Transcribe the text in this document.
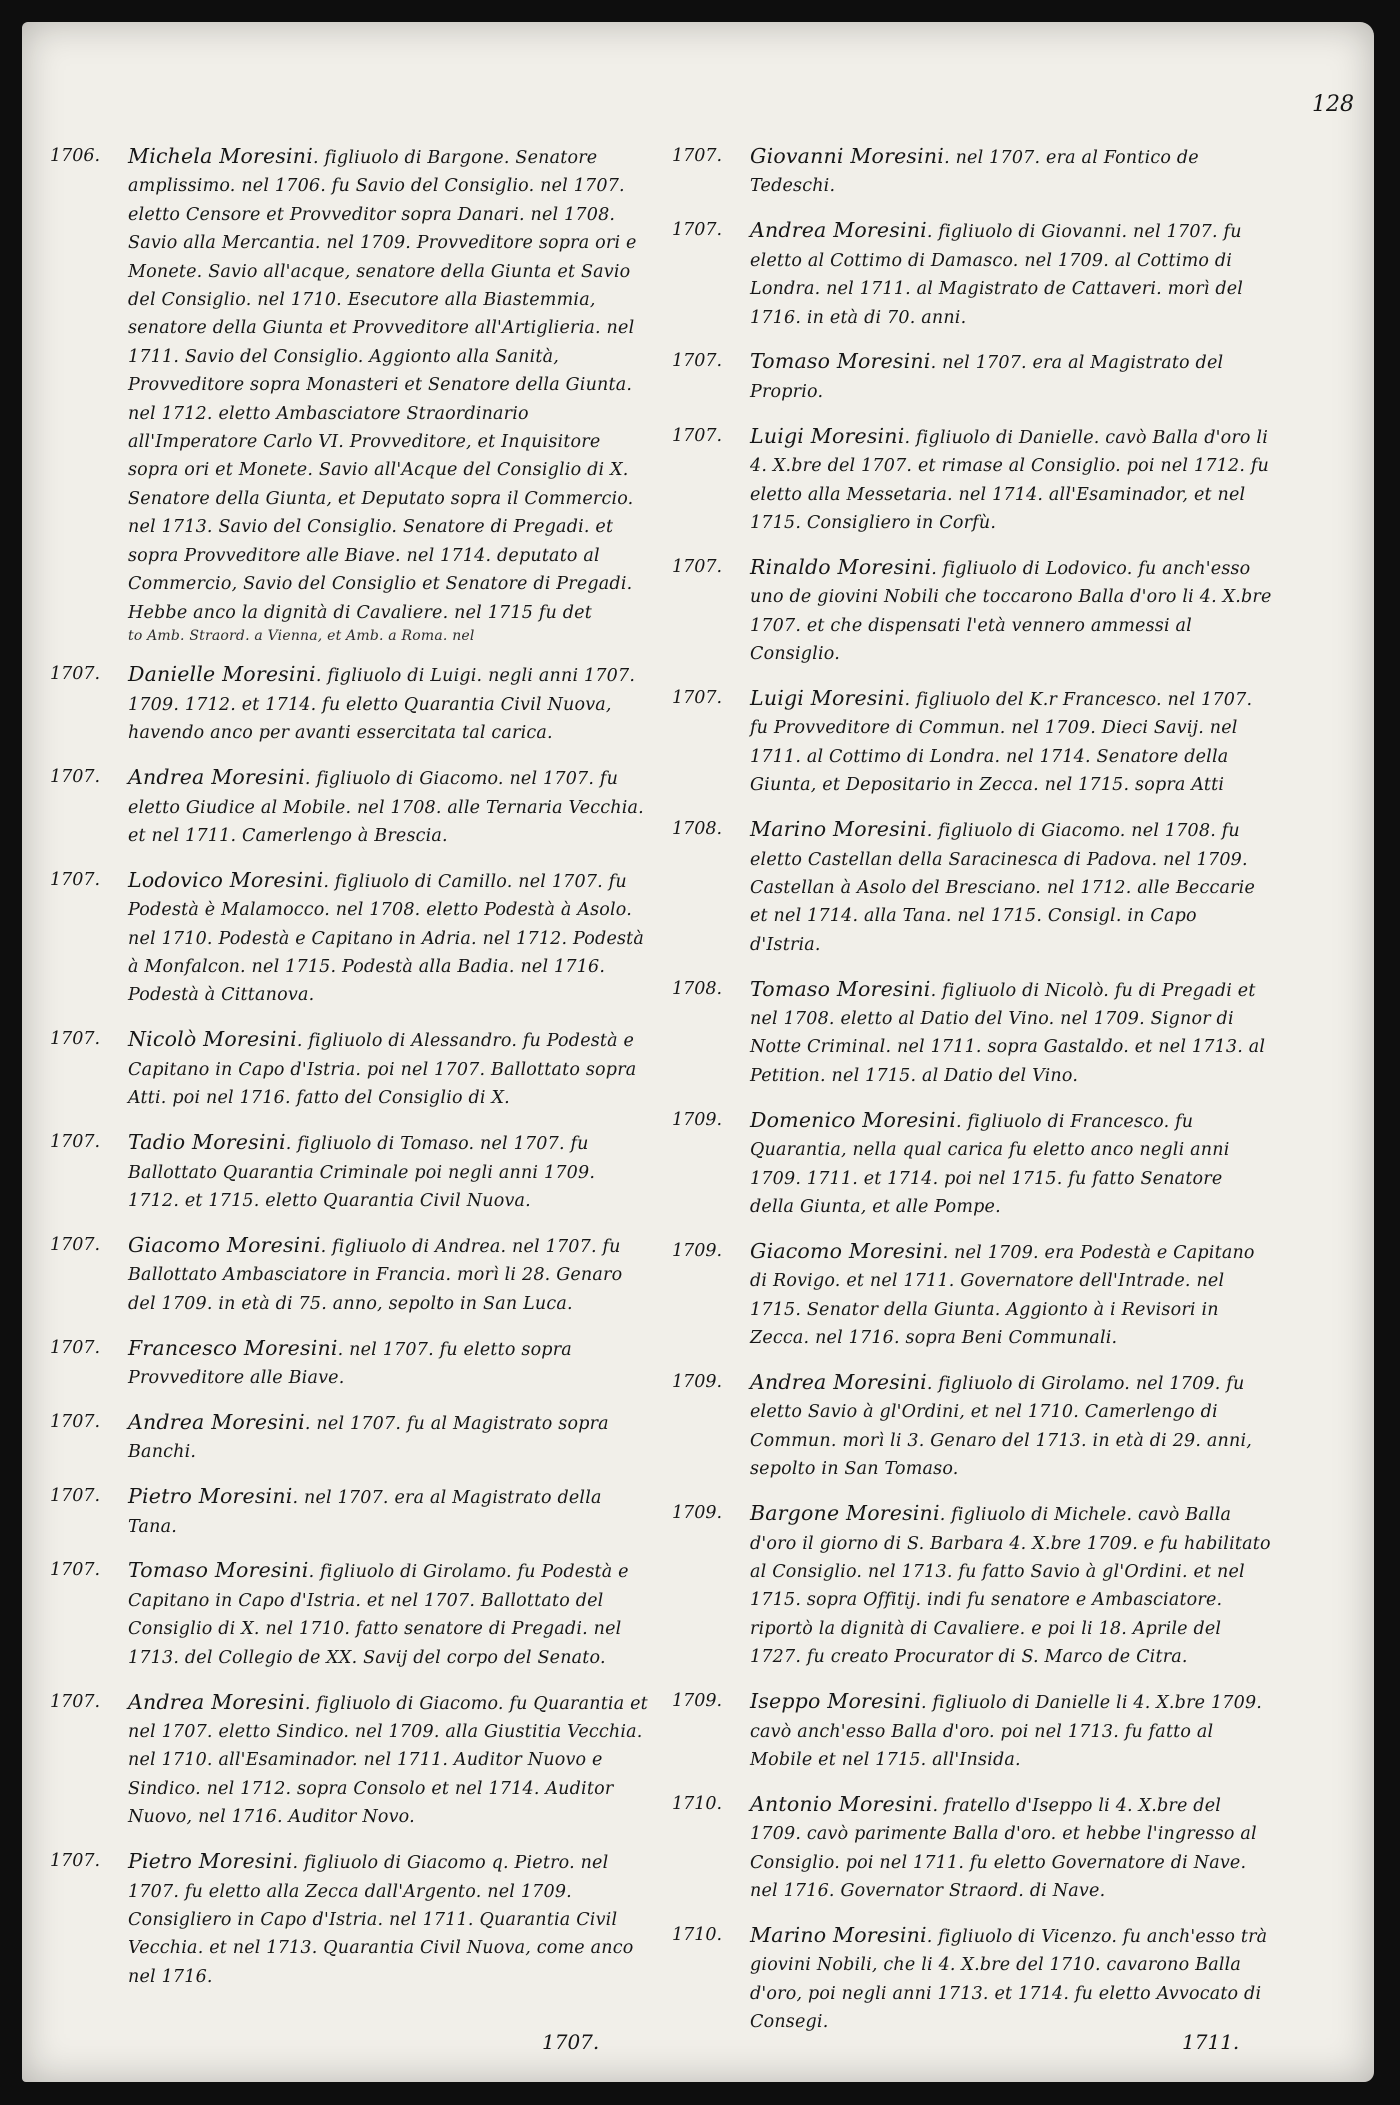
128
1706.	Michela Moresini. figliuolo di Bargone. Senatore amplissimo. nel 1706. fu Savio del Consiglio. nel 1707. eletto Censore et Provveditor sopra Danari. nel 1708. Savio alla Mercantia. nel 1709. Provveditore sopra ori e Monete. Savio all'acque, senatore della Giunta et Savio del Consiglio. nel 1710. Esecutore alla Biastemmia, senatore della Giunta et Provveditore all'Artiglieria. nel 1711. Savio del Consiglio. Aggionto alla Sanità, Provveditore sopra Monasteri et Senatore della Giunta. nel 1712. eletto Ambasciatore Straordinario all'Imperatore Carlo VI. Provveditore, et Inquisitore sopra ori et Monete. Savio all'Acque del Consiglio di X. Senatore della Giunta, et Deputato sopra il Commercio. nel 1713. Savio del Consiglio. Senatore di Pregadi. et sopra Provveditore alle Biave. nel 1714. deputato al Commercio, Savio del Consiglio et Senatore di Pregadi. Hebbe anco la dignità di Cavaliere. nel 1715 fu det
to Amb. Straord. a Vienna, et Amb. a Roma. nel
1707.	Danielle Moresini. figliuolo di Luigi. negli anni 1707. 1709. 1712. et 1714. fu eletto Quarantia Civil Nuova, havendo anco per avanti essercitata tal carica.
1707.	Andrea Moresini. figliuolo di Giacomo. nel 1707. fu eletto Giudice al Mobile. nel 1708. alle Ternaria Vecchia. et nel 1711. Camerlengo à Brescia.
1707.	Lodovico Moresini. figliuolo di Camillo. nel 1707. fu Podestà è Malamocco. nel 1708. eletto Podestà à Asolo. nel 1710. Podestà e Capitano in Adria. nel 1712. Podestà à Monfalcon. nel 1715. Podestà alla Badia. nel 1716. Podestà à Cittanova.
1707.	Nicolò Moresini. figliuolo di Alessandro. fu Podestà e Capitano in Capo d'Istria. poi nel 1707. Ballottato sopra Atti. poi nel 1716. fatto del Consiglio di X.
1707.	Tadio Moresini. figliuolo di Tomaso. nel 1707. fu Ballottato Quarantia Criminale poi negli anni 1709. 1712. et 1715. eletto Quarantia Civil Nuova.
1707.	Giacomo Moresini. figliuolo di Andrea. nel 1707. fu Ballottato Ambasciatore in Francia. morì li 28. Genaro del 1709. in età di 75. anno, sepolto in San Luca.
1707.	Francesco Moresini. nel 1707. fu eletto sopra Provveditore alle Biave.
1707.	Andrea Moresini. nel 1707. fu al Magistrato sopra Banchi.
1707.	Pietro Moresini. nel 1707. era al Magistrato della Tana.
1707.	Tomaso Moresini. figliuolo di Girolamo. fu Podestà e Capitano in Capo d'Istria. et nel 1707. Ballottato del Consiglio di X. nel 1710. fatto senatore di Pregadi. nel 1713. del Collegio de XX. Savij del corpo del Senato.
1707.	Andrea Moresini. figliuolo di Giacomo. fu Quarantia et nel 1707. eletto Sindico. nel 1709. alla Giustitia Vecchia. nel 1710. all'Esaminador. nel 1711. Auditor Nuovo e Sindico. nel 1712. sopra Consolo et nel 1714. Auditor Nuovo, nel 1716. Auditor Novo.
1707.	Pietro Moresini. figliuolo di Giacomo q. Pietro. nel 1707. fu eletto alla Zecca dall'Argento. nel 1709. Consigliero in Capo d'Istria. nel 1711. Quarantia Civil Vecchia. et nel 1713. Quarantia Civil Nuova, come anco nel 1716.
1707.	Giovanni Moresini. nel 1707. era al Fontico de Tedeschi.
1707.	Andrea Moresini. figliuolo di Giovanni. nel 1707. fu eletto al Cottimo di Damasco. nel 1709. al Cottimo di Londra. nel 1711. al Magistrato de Cattaveri. morì del 1716. in età di 70. anni.
1707.	Tomaso Moresini. nel 1707. era al Magistrato del Proprio.
1707.	Luigi Moresini. figliuolo di Danielle. cavò Balla d'oro li 4. X.bre del 1707. et rimase al Consiglio. poi nel 1712. fu eletto alla Messetaria. nel 1714. all'Esaminador, et nel 1715. Consigliero in Corfù.
1707.	Rinaldo Moresini. figliuolo di Lodovico. fu anch'esso uno de giovini Nobili che toccarono Balla d'oro li 4. X.bre 1707. et che dispensati l'età vennero ammessi al Consiglio.
1707.	Luigi Moresini. figliuolo del K.r Francesco. nel 1707. fu Provveditore di Commun. nel 1709. Dieci Savij. nel 1711. al Cottimo di Londra. nel 1714. Senatore della Giunta, et Depositario in Zecca. nel 1715. sopra Atti
1708.	Marino Moresini. figliuolo di Giacomo. nel 1708. fu eletto Castellan della Saracinesca di Padova. nel 1709. Castellan à Asolo del Bresciano. nel 1712. alle Beccarie et nel 1714. alla Tana. nel 1715. Consigl. in Capo d'Istria.
1708.	Tomaso Moresini. figliuolo di Nicolò. fu di Pregadi et nel 1708. eletto al Datio del Vino. nel 1709. Signor di Notte Criminal. nel 1711. sopra Gastaldo. et nel 1713. al Petition. nel 1715. al Datio del Vino.
1709.	Domenico Moresini. figliuolo di Francesco. fu Quarantia, nella qual carica fu eletto anco negli anni 1709. 1711. et 1714. poi nel 1715. fu fatto Senatore della Giunta, et alle Pompe.
1709.	Giacomo Moresini. nel 1709. era Podestà e Capitano di Rovigo. et nel 1711. Governatore dell'Intrade. nel 1715. Senator della Giunta. Aggionto à i Revisori in Zecca. nel 1716. sopra Beni Communali.
1709.	Andrea Moresini. figliuolo di Girolamo. nel 1709. fu eletto Savio à gl'Ordini, et nel 1710. Camerlengo di Commun. morì li 3. Genaro del 1713. in età di 29. anni, sepolto in San Tomaso.
1709.	Bargone Moresini. figliuolo di Michele. cavò Balla d'oro il giorno di S. Barbara 4. X.bre 1709. e fu habilitato al Consiglio. nel 1713. fu fatto Savio à gl'Ordini. et nel 1715. sopra Offitij. indi fu senatore e Ambasciatore. riportò la dignità di Cavaliere. e poi li 18. Aprile del 1727. fu creato Procurator di S. Marco de Citra.
1709.	Iseppo Moresini. figliuolo di Danielle li 4. X.bre 1709. cavò anch'esso Balla d'oro. poi nel 1713. fu fatto al Mobile et nel 1715. all'Insida.
1710.	Antonio Moresini. fratello d'Iseppo li 4. X.bre del 1709. cavò parimente Balla d'oro. et hebbe l'ingresso al Consiglio. poi nel 1711. fu eletto Governatore di Nave. nel 1716. Governator Straord. di Nave.
1710.	Marino Moresini. figliuolo di Vicenzo. fu anch'esso trà giovini Nobili, che li 4. X.bre del 1710. cavarono Balla d'oro, poi negli anni 1713. et 1714. fu eletto Avvocato di Consegi.
1707.	1711.
